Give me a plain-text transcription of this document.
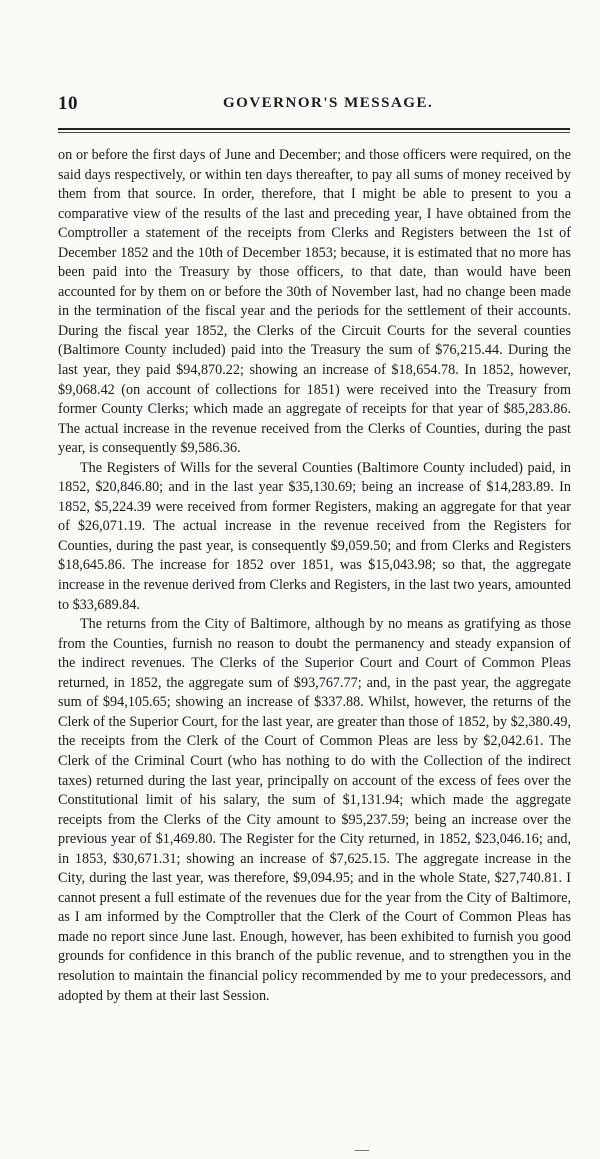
10	GOVERNOR'S MESSAGE.

on or before the first days of June and December; and those officers were required, on the said days respectively, or within ten days thereafter, to pay all sums of money received by them from that source. In order, therefore, that I might be able to present to you a comparative view of the results of the last and preceding year, I have obtained from the Comptroller a statement of the receipts from Clerks and Registers between the 1st of December 1852 and the 10th of December 1853; because, it is estimated that no more has been paid into the Treasury by those officers, to that date, than would have been accounted for by them on or before the 30th of November last, had no change been made in the termination of the fiscal year and the periods for the settlement of their accounts. During the fiscal year 1852, the Clerks of the Circuit Courts for the several counties (Baltimore County included) paid into the Treasury the sum of $76,215.44. During the last year, they paid $94,870.22; showing an increase of $18,654.78. In 1852, however, $9,068.42 (on account of collections for 1851) were received into the Treasury from former County Clerks; which made an aggregate of receipts for that year of $85,283.86. The actual increase in the revenue received from the Clerks of Counties, during the past year, is consequently $9,586.36.

The Registers of Wills for the several Counties (Baltimore County included) paid, in 1852, $20,846.80; and in the last year $35,130.69; being an increase of $14,283.89. In 1852, $5,224.39 were received from former Registers, making an aggregate for that year of $26,071.19. The actual increase in the revenue received from the Registers for Counties, during the past year, is consequently $9,059.50; and from Clerks and Registers $18,645.86. The increase for 1852 over 1851, was $15,043.98; so that, the aggregate increase in the revenue derived from Clerks and Registers, in the last two years, amounted to $33,689.84.

The returns from the City of Baltimore, although by no means as gratifying as those from the Counties, furnish no reason to doubt the permanency and steady expansion of the indirect revenues. The Clerks of the Superior Court and Court of Common Pleas returned, in 1852, the aggregate sum of $93,767.77; and, in the past year, the aggregate sum of $94,105.65; showing an increase of $337.88. Whilst, however, the returns of the Clerk of the Superior Court, for the last year, are greater than those of 1852, by $2,380.49, the receipts from the Clerk of the Court of Common Pleas are less by $2,042.61. The Clerk of the Criminal Court (who has nothing to do with the Collection of the indirect taxes) returned during the last year, principally on account of the excess of fees over the Constitutional limit of his salary, the sum of $1,131.94; which made the aggregate receipts from the Clerks of the City amount to $95,237.59; being an increase over the previous year of $1,469.80. The Register for the City returned, in 1852, $23,046.16; and, in 1853, $30,671.31; showing an increase of $7,625.15. The aggregate increase in the City, during the last year, was therefore, $9,094.95; and in the whole State, $27,740.81. I cannot present a full estimate of the revenues due for the year from the City of Baltimore, as I am informed by the Comptroller that the Clerk of the Court of Common Pleas has made no report since June last. Enough, however, has been exhibited to furnish you good grounds for confidence in this branch of the public revenue, and to strengthen you in the resolution to maintain the financial policy recommended by me to your predecessors, and adopted by them at their last Session.
